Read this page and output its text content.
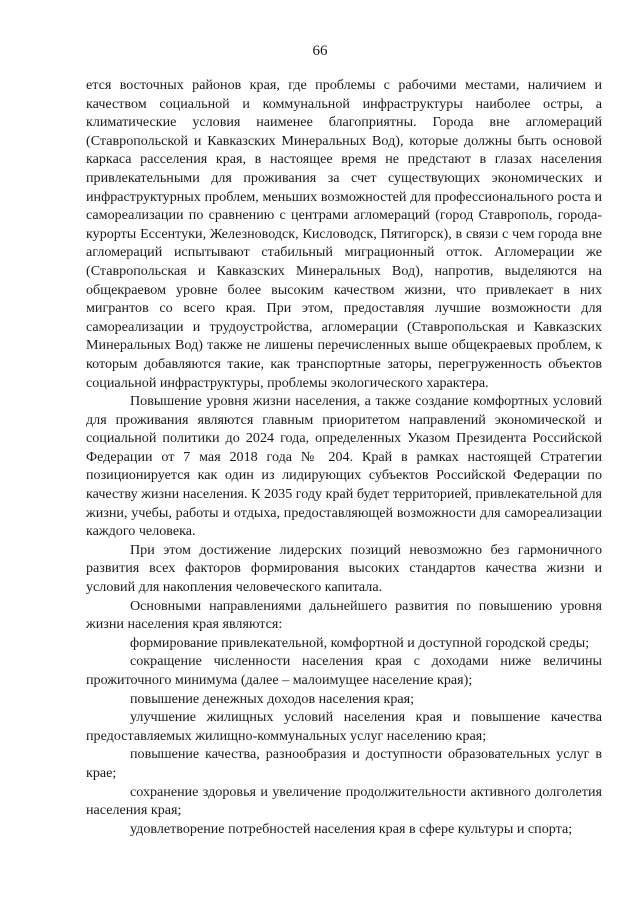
66

ется восточных районов края, где проблемы с рабочими местами, наличием и качеством социальной и коммунальной инфраструктуры наиболее остры, а климатические условия наименее благоприятны. Города вне агломераций (Ставропольской и Кавказских Минеральных Вод), которые должны быть основой каркаса расселения края, в настоящее время не предстают в глазах населения привлекательными для проживания за счет существующих экономических и инфраструктурных проблем, меньших возможностей для профессионального роста и самореализации по сравнению с центрами агломераций (город Ставрополь, города-курорты Ессентуки, Железноводск, Кисловодск, Пятигорск), в связи с чем города вне агломераций испытывают стабильный миграционный отток. Агломерации же (Ставропольская и Кавказских Минеральных Вод), напротив, выделяются на общекраевом уровне более высоким качеством жизни, что привлекает в них мигрантов со всего края. При этом, предоставляя лучшие возможности для самореализации и трудоустройства, агломерации (Ставропольская и Кавказских Минеральных Вод) также не лишены перечисленных выше общекраевых проблем, к которым добавляются такие, как транспортные заторы, перегруженность объектов социальной инфраструктуры, проблемы экологического характера.

Повышение уровня жизни населения, а также создание комфортных условий для проживания являются главным приоритетом направлений экономической и социальной политики до 2024 года, определенных Указом Президента Российской Федерации от 7 мая 2018 года № 204. Край в рамках настоящей Стратегии позиционируется как один из лидирующих субъектов Российской Федерации по качеству жизни населения. К 2035 году край будет территорией, привлекательной для жизни, учебы, работы и отдыха, предоставляющей возможности для самореализации каждого человека.

При этом достижение лидерских позиций невозможно без гармоничного развития всех факторов формирования высоких стандартов качества жизни и условий для накопления человеческого капитала.

Основными направлениями дальнейшего развития по повышению уровня жизни населения края являются:

формирование привлекательной, комфортной и доступной городской среды;

сокращение численности населения края с доходами ниже величины прожиточного минимума (далее – малоимущее население края);

повышение денежных доходов населения края;

улучшение жилищных условий населения края и повышение качества предоставляемых жилищно-коммунальных услуг населению края;

повышение качества, разнообразия и доступности образовательных услуг в крае;

сохранение здоровья и увеличение продолжительности активного долголетия населения края;

удовлетворение потребностей населения края в сфере культуры и спорта;
